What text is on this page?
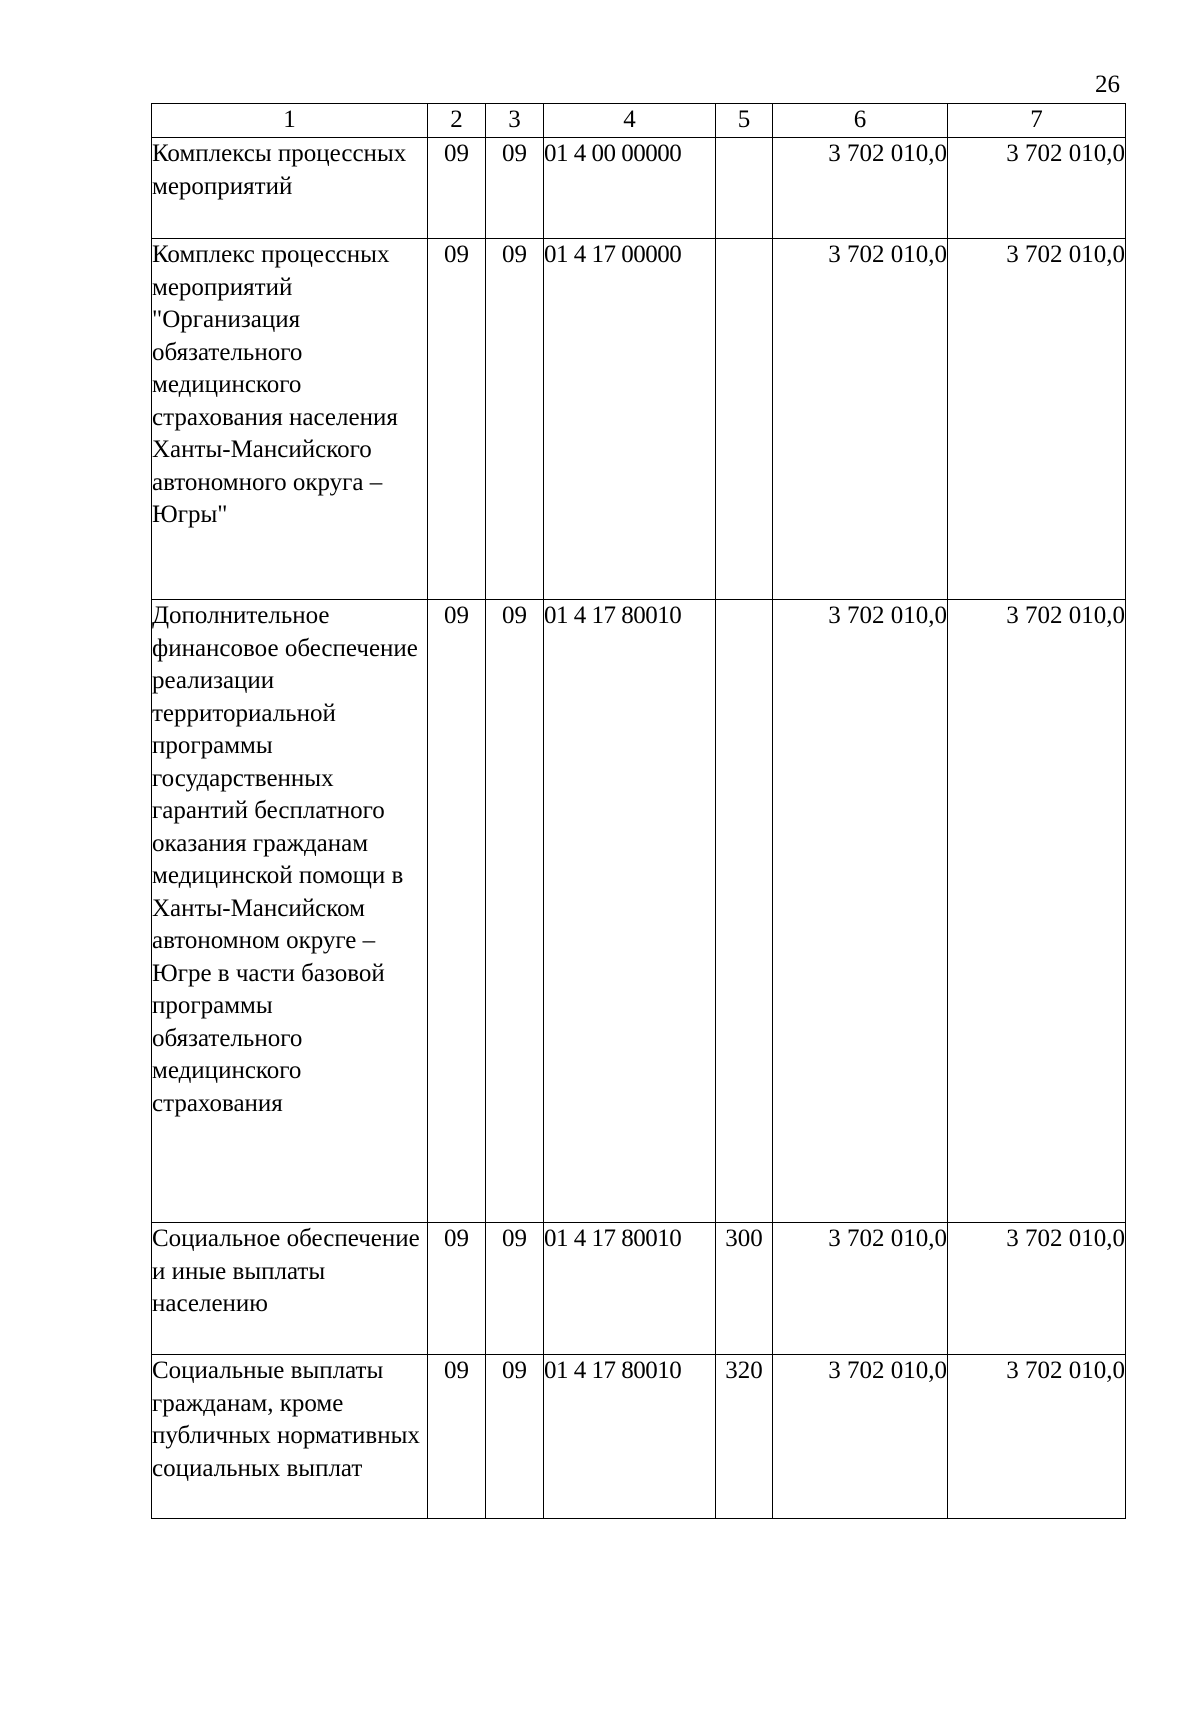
26
1	2	3	4	5	6	7
Комплексы процессных мероприятий	09	09	01 4 00 00000		3 702 010,0	3 702 010,0
Комплекс процессных мероприятий "Организация обязательного медицинского страхования населения Ханты-Мансийского автономного округа – Югры"	09	09	01 4 17 00000		3 702 010,0	3 702 010,0
Дополнительное финансовое обеспечение реализации территориальной программы государственных гарантий бесплатного оказания гражданам медицинской помощи в Ханты-Мансийском автономном округе – Югре в части базовой программы обязательного медицинского страхования	09	09	01 4 17 80010		3 702 010,0	3 702 010,0
Социальное обеспечение и иные выплаты населению	09	09	01 4 17 80010	300	3 702 010,0	3 702 010,0
Социальные выплаты гражданам, кроме публичных нормативных социальных выплат	09	09	01 4 17 80010	320	3 702 010,0	3 702 010,0
